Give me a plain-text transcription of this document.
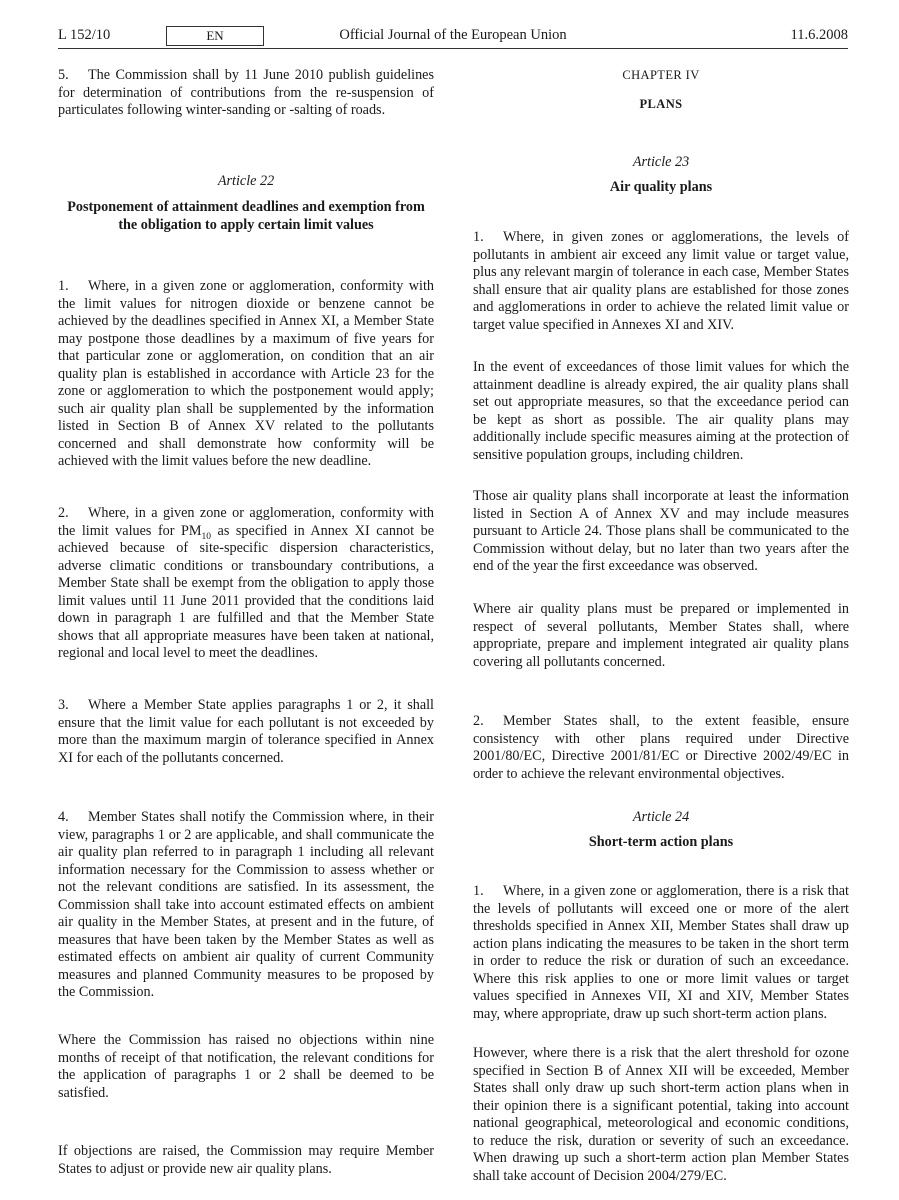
L 152/10	EN	Official Journal of the European Union	11.6.2008

5. The Commission shall by 11 June 2010 publish guidelines for determination of contributions from the re-suspension of particulates following winter-sanding or -salting of roads.

Article 22

Postponement of attainment deadlines and exemption from the obligation to apply certain limit values

1. Where, in a given zone or agglomeration, conformity with the limit values for nitrogen dioxide or benzene cannot be achieved by the deadlines specified in Annex XI, a Member State may postpone those deadlines by a maximum of five years for that particular zone or agglomeration, on condition that an air quality plan is established in accordance with Article 23 for the zone or agglomeration to which the postponement would apply; such air quality plan shall be supplemented by the information listed in Section B of Annex XV related to the pollutants concerned and shall demonstrate how conformity will be achieved with the limit values before the new deadline.

2. Where, in a given zone or agglomeration, conformity with the limit values for $PM_{10}$ as specified in Annex XI cannot be achieved because of site-specific dispersion characteristics, adverse climatic conditions or transboundary contributions, a Member State shall be exempt from the obligation to apply those limit values until 11 June 2011 provided that the conditions laid down in paragraph 1 are fulfilled and that the Member State shows that all appropriate measures have been taken at national, regional and local level to meet the deadlines.

3. Where a Member State applies paragraphs 1 or 2, it shall ensure that the limit value for each pollutant is not exceeded by more than the maximum margin of tolerance specified in Annex XI for each of the pollutants concerned.

4. Member States shall notify the Commission where, in their view, paragraphs 1 or 2 are applicable, and shall communicate the air quality plan referred to in paragraph 1 including all relevant information necessary for the Commission to assess whether or not the relevant conditions are satisfied. In its assessment, the Commission shall take into account estimated effects on ambient air quality in the Member States, at present and in the future, of measures that have been taken by the Member States as well as estimated effects on ambient air quality of current Community measures and planned Community measures to be proposed by the Commission.

Where the Commission has raised no objections within nine months of receipt of that notification, the relevant conditions for the application of paragraphs 1 or 2 shall be deemed to be satisfied.

If objections are raised, the Commission may require Member States to adjust or provide new air quality plans.

CHAPTER IV

PLANS

Article 23

Air quality plans

1. Where, in given zones or agglomerations, the levels of pollutants in ambient air exceed any limit value or target value, plus any relevant margin of tolerance in each case, Member States shall ensure that air quality plans are established for those zones and agglomerations in order to achieve the related limit value or target value specified in Annexes XI and XIV.

In the event of exceedances of those limit values for which the attainment deadline is already expired, the air quality plans shall set out appropriate measures, so that the exceedance period can be kept as short as possible. The air quality plans may additionally include specific measures aiming at the protection of sensitive population groups, including children.

Those air quality plans shall incorporate at least the information listed in Section A of Annex XV and may include measures pursuant to Article 24. Those plans shall be communicated to the Commission without delay, but no later than two years after the end of the year the first exceedance was observed.

Where air quality plans must be prepared or implemented in respect of several pollutants, Member States shall, where appropriate, prepare and implement integrated air quality plans covering all pollutants concerned.

2. Member States shall, to the extent feasible, ensure consistency with other plans required under Directive 2001/80/EC, Directive 2001/81/EC or Directive 2002/49/EC in order to achieve the relevant environmental objectives.

Article 24

Short-term action plans

1. Where, in a given zone or agglomeration, there is a risk that the levels of pollutants will exceed one or more of the alert thresholds specified in Annex XII, Member States shall draw up action plans indicating the measures to be taken in the short term in order to reduce the risk or duration of such an exceedance. Where this risk applies to one or more limit values or target values specified in Annexes VII, XI and XIV, Member States may, where appropriate, draw up such short-term action plans.

However, where there is a risk that the alert threshold for ozone specified in Section B of Annex XII will be exceeded, Member States shall only draw up such short-term action plans when in their opinion there is a significant potential, taking into account national geographical, meteorological and economic conditions, to reduce the risk, duration or severity of such an exceedance. When drawing up such a short-term action plan Member States shall take account of Decision 2004/279/EC.
